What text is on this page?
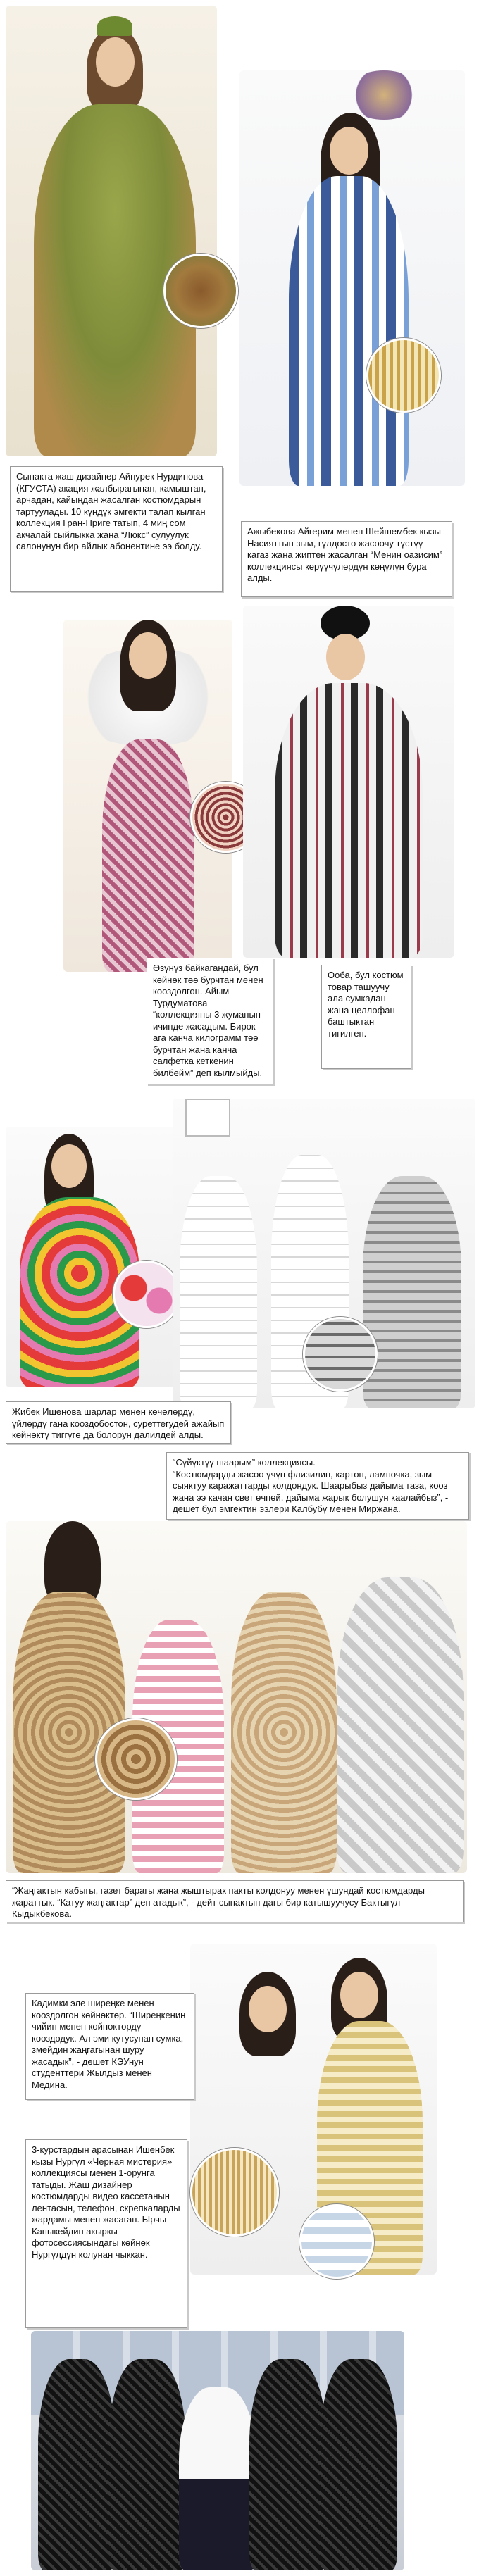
Сынакта жаш дизайнер Айнурек Нурдинова (КГУСТА) акация жалбырагынан, камыштан, арчадан, кайыңдан жасалган костюмдарын тартуулады. 10 күндүк эмгекти талап кылган коллекция Гран-Приге татып, 4 миң сом акчалай сыйлыкка жана “Люкс” сулуулук салонунун бир айлык абонентине ээ болду.

Ажыбекова Айгерим менен Шейшембек кызы Насияттын зым, гүлдөстө жасоочу түстүү кагаз жана жиптен жасалган “Менин оазисим” коллекциясы көрүүчүлөрдүн көңүлүн бура алды.

Өзүнүз байкагандай, бул көйнөк төө бурчтан менен кооздолгон. Айым Турдуматова “коллекцияны 3 жуманын ичинде жасадым. Бирок ага канча килограмм төө бурчтан жана канча салфетка кеткенин билбейм” деп кылмыйды.

Ооба, бул костюм товар ташуучу ала сумкадан жана целлофан баштыктан тигилген.

Жибек Ишенова шарлар менен көчөлөрдү, үйлөрдү гана кооздобостон, суреттегудей ажайып көйнөктү тиггүгө да болорун далилдей алды.

“Сүйүктүү шаарым” коллекциясы.
“Костюмдарды жасоо үчүн флизилин, картон, лампочка, зым сыяктуу каражаттарды колдондук. Шаарыбыз дайыма таза, кооз жана ээ качан свет өчпөй, дайыма жарык болушун каалайбыз”, - дешет бул эмгектин ээлери Калбубү менен Миржана.

“Жаңгактын кабыгы, газет барагы жана жыштырак пакты колдонуу менен үшундай костюмдарды жараттык. “Катуу жаңгактар” деп атадык”, - дейт сынактын дагы бир катышуучусу Бактыгүл Кыдыкбекова.

Кадимки эле ширеңке менен кооздолгон көйнөктөр. “Ширеңкенин чийин менен көйнөктөрдү кооздодук. Ал эми кутусунан сумка, змейдин жаңгагынан шуру жасадык”, - дешет КЭУнун студенттери Жылдыз менен Медина.

3-курстардын арасынан Ишенбек кызы Нургүл «Черная мистерия» коллекциясы менен 1-орунга татыды. Жаш дизайнер костюмдарды видео кассетанын лентасын, телефон, скрепкаларды жардамы менен жасаган. Ырчы Каныкейдин акыркы фотосессиясындагы көйнөк Нургүлдүн колунан чыккан.
